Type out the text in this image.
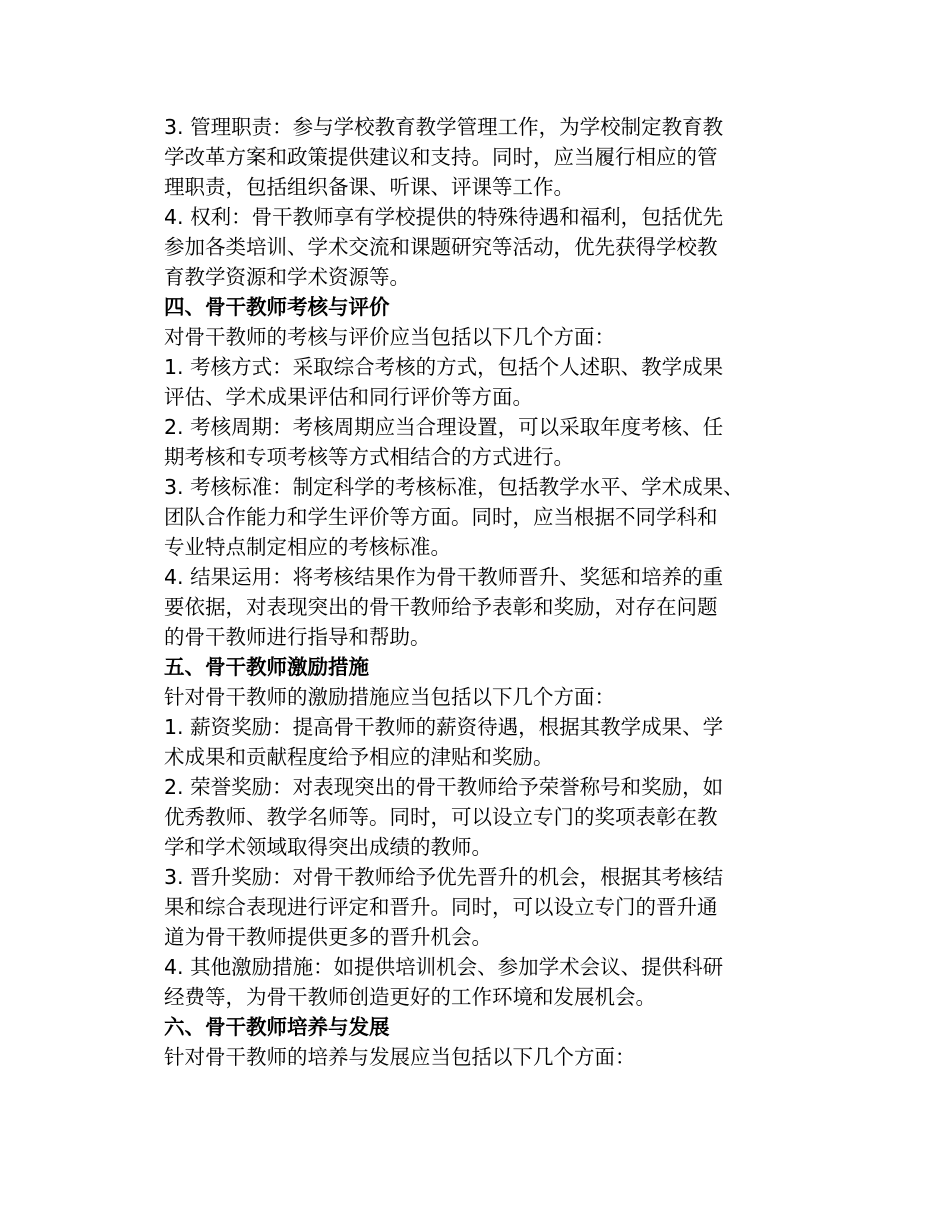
3. 管理职责：参与学校教育教学管理工作，为学校制定教育教
学改革方案和政策提供建议和支持。同时，应当履行相应的管
理职责，包括组织备课、听课、评课等工作。
4. 权利：骨干教师享有学校提供的特殊待遇和福利，包括优先
参加各类培训、学术交流和课题研究等活动，优先获得学校教
育教学资源和学术资源等。
四、骨干教师考核与评价
对骨干教师的考核与评价应当包括以下几个方面：
1. 考核方式：采取综合考核的方式，包括个人述职、教学成果
评估、学术成果评估和同行评价等方面。
2. 考核周期：考核周期应当合理设置，可以采取年度考核、任
期考核和专项考核等方式相结合的方式进行。
3. 考核标准：制定科学的考核标准，包括教学水平、学术成果、
团队合作能力和学生评价等方面。同时，应当根据不同学科和
专业特点制定相应的考核标准。
4. 结果运用：将考核结果作为骨干教师晋升、奖惩和培养的重
要依据，对表现突出的骨干教师给予表彰和奖励，对存在问题
的骨干教师进行指导和帮助。
五、骨干教师激励措施
针对骨干教师的激励措施应当包括以下几个方面：
1. 薪资奖励：提高骨干教师的薪资待遇，根据其教学成果、学
术成果和贡献程度给予相应的津贴和奖励。
2. 荣誉奖励：对表现突出的骨干教师给予荣誉称号和奖励，如
优秀教师、教学名师等。同时，可以设立专门的奖项表彰在教
学和学术领域取得突出成绩的教师。
3. 晋升奖励：对骨干教师给予优先晋升的机会，根据其考核结
果和综合表现进行评定和晋升。同时，可以设立专门的晋升通
道为骨干教师提供更多的晋升机会。
4. 其他激励措施：如提供培训机会、参加学术会议、提供科研
经费等，为骨干教师创造更好的工作环境和发展机会。
六、骨干教师培养与发展
针对骨干教师的培养与发展应当包括以下几个方面：
